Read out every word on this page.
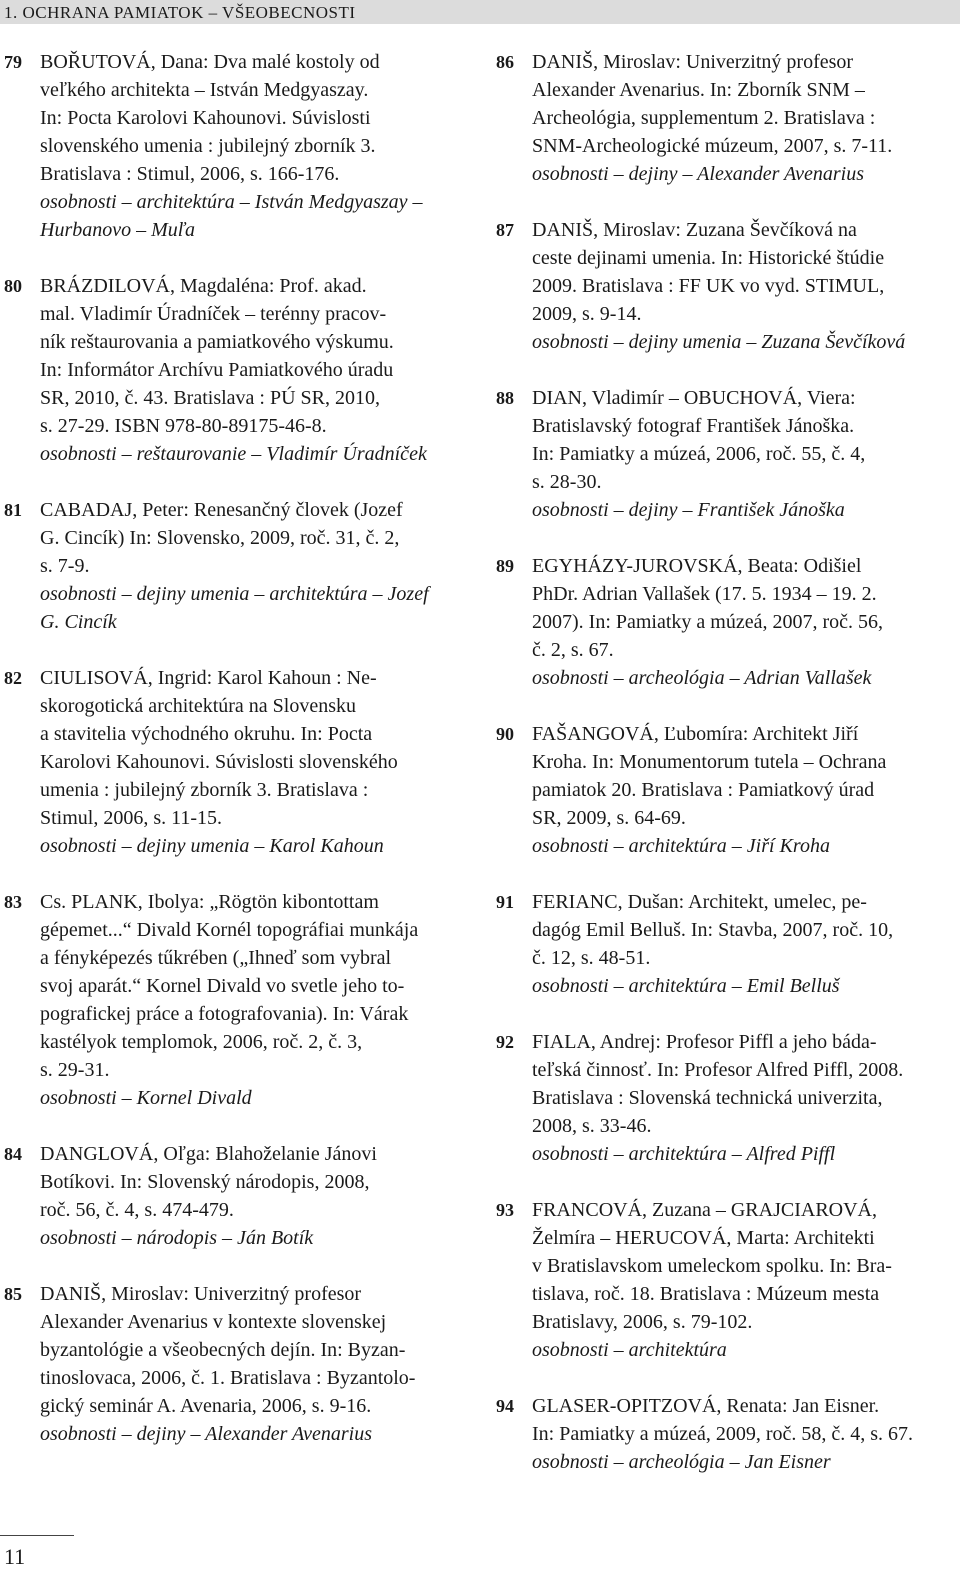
1. OCHRANA PAMIATOK – VŠEOBECNOSTI
79 BOŘUTOVÁ, Dana: Dva malé kostoly od
veľkého architekta – István Medgyaszay.
In: Pocta Karolovi Kahounovi. Súvislosti
slovenského umenia : jubilejný zborník 3.
Bratislava : Stimul, 2006, s. 166-176.
osobnosti – architektúra – István Medgyaszay –
Hurbanovo – Muľa
80 BRÁZDILOVÁ, Magdaléna: Prof. akad.
mal. Vladimír Úradníček – terénny pracov-
ník reštaurovania a pamiatkového výskumu.
In: Informátor Archívu Pamiatkového úradu
SR, 2010, č. 43. Bratislava : PÚ SR, 2010,
s. 27-29. ISBN 978-80-89175-46-8.
osobnosti – reštaurovanie – Vladimír Úradníček
81 CABADAJ, Peter: Renesančný človek (Jozef
G. Cincík) In: Slovensko, 2009, roč. 31, č. 2,
s. 7-9.
osobnosti – dejiny umenia – architektúra – Jozef
G. Cincík
82 CIULISOVÁ, Ingrid: Karol Kahoun : Ne-
skorogotická architektúra na Slovensku
a stavitelia východného okruhu. In: Pocta
Karolovi Kahounovi. Súvislosti slovenského
umenia : jubilejný zborník 3. Bratislava :
Stimul, 2006, s. 11-15.
osobnosti – dejiny umenia – Karol Kahoun
83 Cs. PLANK, Ibolya: „Rögtön kibontottam
gépemet...“ Divald Kornél topográfiai munkája
a fényképezés tűkrében („Ihneď som vybral
svoj aparát.“ Kornel Divald vo svetle jeho to-
pografickej práce a fotografovania). In: Várak
kastélyok templomok, 2006, roč. 2, č. 3,
s. 29-31.
osobnosti – Kornel Divald
84 DANGLOVÁ, Oľga: Blahoželanie Jánovi
Botíkovi. In: Slovenský národopis, 2008,
roč. 56, č. 4, s. 474-479.
osobnosti – národopis – Ján Botík
85 DANIŠ, Miroslav: Univerzitný profesor
Alexander Avenarius v kontexte slovenskej
byzantológie a všeobecných dejín. In: Byzan-
tinoslovaca, 2006, č. 1. Bratislava : Byzantolo-
gický seminár A. Avenaria, 2006, s. 9-16.
osobnosti – dejiny – Alexander Avenarius
86 DANIŠ, Miroslav: Univerzitný profesor
Alexander Avenarius. In: Zborník SNM –
Archeológia, supplementum 2. Bratislava :
SNM-Archeologické múzeum, 2007, s. 7-11.
osobnosti – dejiny – Alexander Avenarius
87 DANIŠ, Miroslav: Zuzana Ševčíková na
ceste dejinami umenia. In: Historické štúdie
2009. Bratislava : FF UK vo vyd. STIMUL,
2009, s. 9-14.
osobnosti – dejiny umenia – Zuzana Ševčíková
88 DIAN, Vladimír – OBUCHOVÁ, Viera:
Bratislavský fotograf František Jánoška.
In: Pamiatky a múzeá, 2006, roč. 55, č. 4,
s. 28-30.
osobnosti – dejiny – František Jánoška
89 EGYHÁZY-JUROVSKÁ, Beata: Odišiel
PhDr. Adrian Vallašek (17. 5. 1934 – 19. 2.
2007). In: Pamiatky a múzeá, 2007, roč. 56,
č. 2, s. 67.
osobnosti – archeológia – Adrian Vallašek
90 FAŠANGOVÁ, Ľubomíra: Architekt Jiří
Kroha. In: Monumentorum tutela – Ochrana
pamiatok 20. Bratislava : Pamiatkový úrad
SR, 2009, s. 64-69.
osobnosti – architektúra – Jiří Kroha
91 FERIANC, Dušan: Architekt, umelec, pe-
dagóg Emil Belluš. In: Stavba, 2007, roč. 10,
č. 12, s. 48-51.
osobnosti – architektúra – Emil Belluš
92 FIALA, Andrej: Profesor Piffl a jeho báda-
teľská činnosť. In: Profesor Alfred Piffl, 2008.
Bratislava : Slovenská technická univerzita,
2008, s. 33-46.
osobnosti – architektúra – Alfred Piffl
93 FRANCOVÁ, Zuzana – GRAJCIAROVÁ,
Želmíra – HERUCOVÁ, Marta: Architekti
v Bratislavskom umeleckom spolku. In: Bra-
tislava, roč. 18. Bratislava : Múzeum mesta
Bratislavy, 2006, s. 79-102.
osobnosti – architektúra
94 GLASER-OPITZOVÁ, Renata: Jan Eisner.
In: Pamiatky a múzeá, 2009, roč. 58, č. 4, s. 67.
osobnosti – archeológia – Jan Eisner
11
